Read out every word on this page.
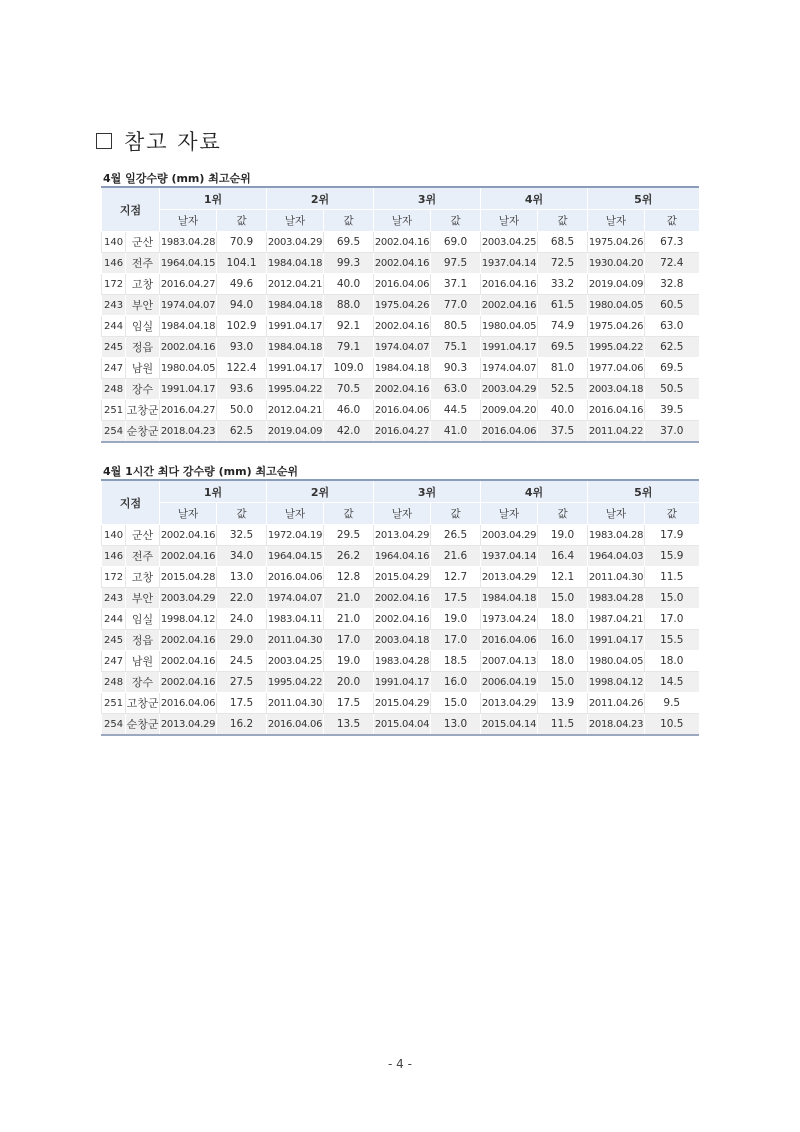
참고 자료
4월 일강수량 (mm) 최고순위
지점		1위		2위		3위		4위		5위	
		날자	값	날자	값	날자	값	날자	값	날자	값
140	군산	1983.04.28	70.9	2003.04.29	69.5	2002.04.16	69.0	2003.04.25	68.5	1975.04.26	67.3
146	전주	1964.04.15	104.1	1984.04.18	99.3	2002.04.16	97.5	1937.04.14	72.5	1930.04.20	72.4
172	고창	2016.04.27	49.6	2012.04.21	40.0	2016.04.06	37.1	2016.04.16	33.2	2019.04.09	32.8
243	부안	1974.04.07	94.0	1984.04.18	88.0	1975.04.26	77.0	2002.04.16	61.5	1980.04.05	60.5
244	임실	1984.04.18	102.9	1991.04.17	92.1	2002.04.16	80.5	1980.04.05	74.9	1975.04.26	63.0
245	정읍	2002.04.16	93.0	1984.04.18	79.1	1974.04.07	75.1	1991.04.17	69.5	1995.04.22	62.5
247	남원	1980.04.05	122.4	1991.04.17	109.0	1984.04.18	90.3	1974.04.07	81.0	1977.04.06	69.5
248	장수	1991.04.17	93.6	1995.04.22	70.5	2002.04.16	63.0	2003.04.29	52.5	2003.04.18	50.5
251	고창군	2016.04.27	50.0	2012.04.21	46.0	2016.04.06	44.5	2009.04.20	40.0	2016.04.16	39.5
254	순창군	2018.04.23	62.5	2019.04.09	42.0	2016.04.27	41.0	2016.04.06	37.5	2011.04.22	37.0
4월 1시간 최다 강수량 (mm) 최고순위
지점		1위		2위		3위		4위		5위	
		날자	값	날자	값	날자	값	날자	값	날자	값
140	군산	2002.04.16	32.5	1972.04.19	29.5	2013.04.29	26.5	2003.04.29	19.0	1983.04.28	17.9
146	전주	2002.04.16	34.0	1964.04.15	26.2	1964.04.16	21.6	1937.04.14	16.4	1964.04.03	15.9
172	고창	2015.04.28	13.0	2016.04.06	12.8	2015.04.29	12.7	2013.04.29	12.1	2011.04.30	11.5
243	부안	2003.04.29	22.0	1974.04.07	21.0	2002.04.16	17.5	1984.04.18	15.0	1983.04.28	15.0
244	임실	1998.04.12	24.0	1983.04.11	21.0	2002.04.16	19.0	1973.04.24	18.0	1987.04.21	17.0
245	정읍	2002.04.16	29.0	2011.04.30	17.0	2003.04.18	17.0	2016.04.06	16.0	1991.04.17	15.5
247	남원	2002.04.16	24.5	2003.04.25	19.0	1983.04.28	18.5	2007.04.13	18.0	1980.04.05	18.0
248	장수	2002.04.16	27.5	1995.04.22	20.0	1991.04.17	16.0	2006.04.19	15.0	1998.04.12	14.5
251	고창군	2016.04.06	17.5	2011.04.30	17.5	2015.04.29	15.0	2013.04.29	13.9	2011.04.26	9.5
254	순창군	2013.04.29	16.2	2016.04.06	13.5	2015.04.04	13.0	2015.04.14	11.5	2018.04.23	10.5
- 4 -
